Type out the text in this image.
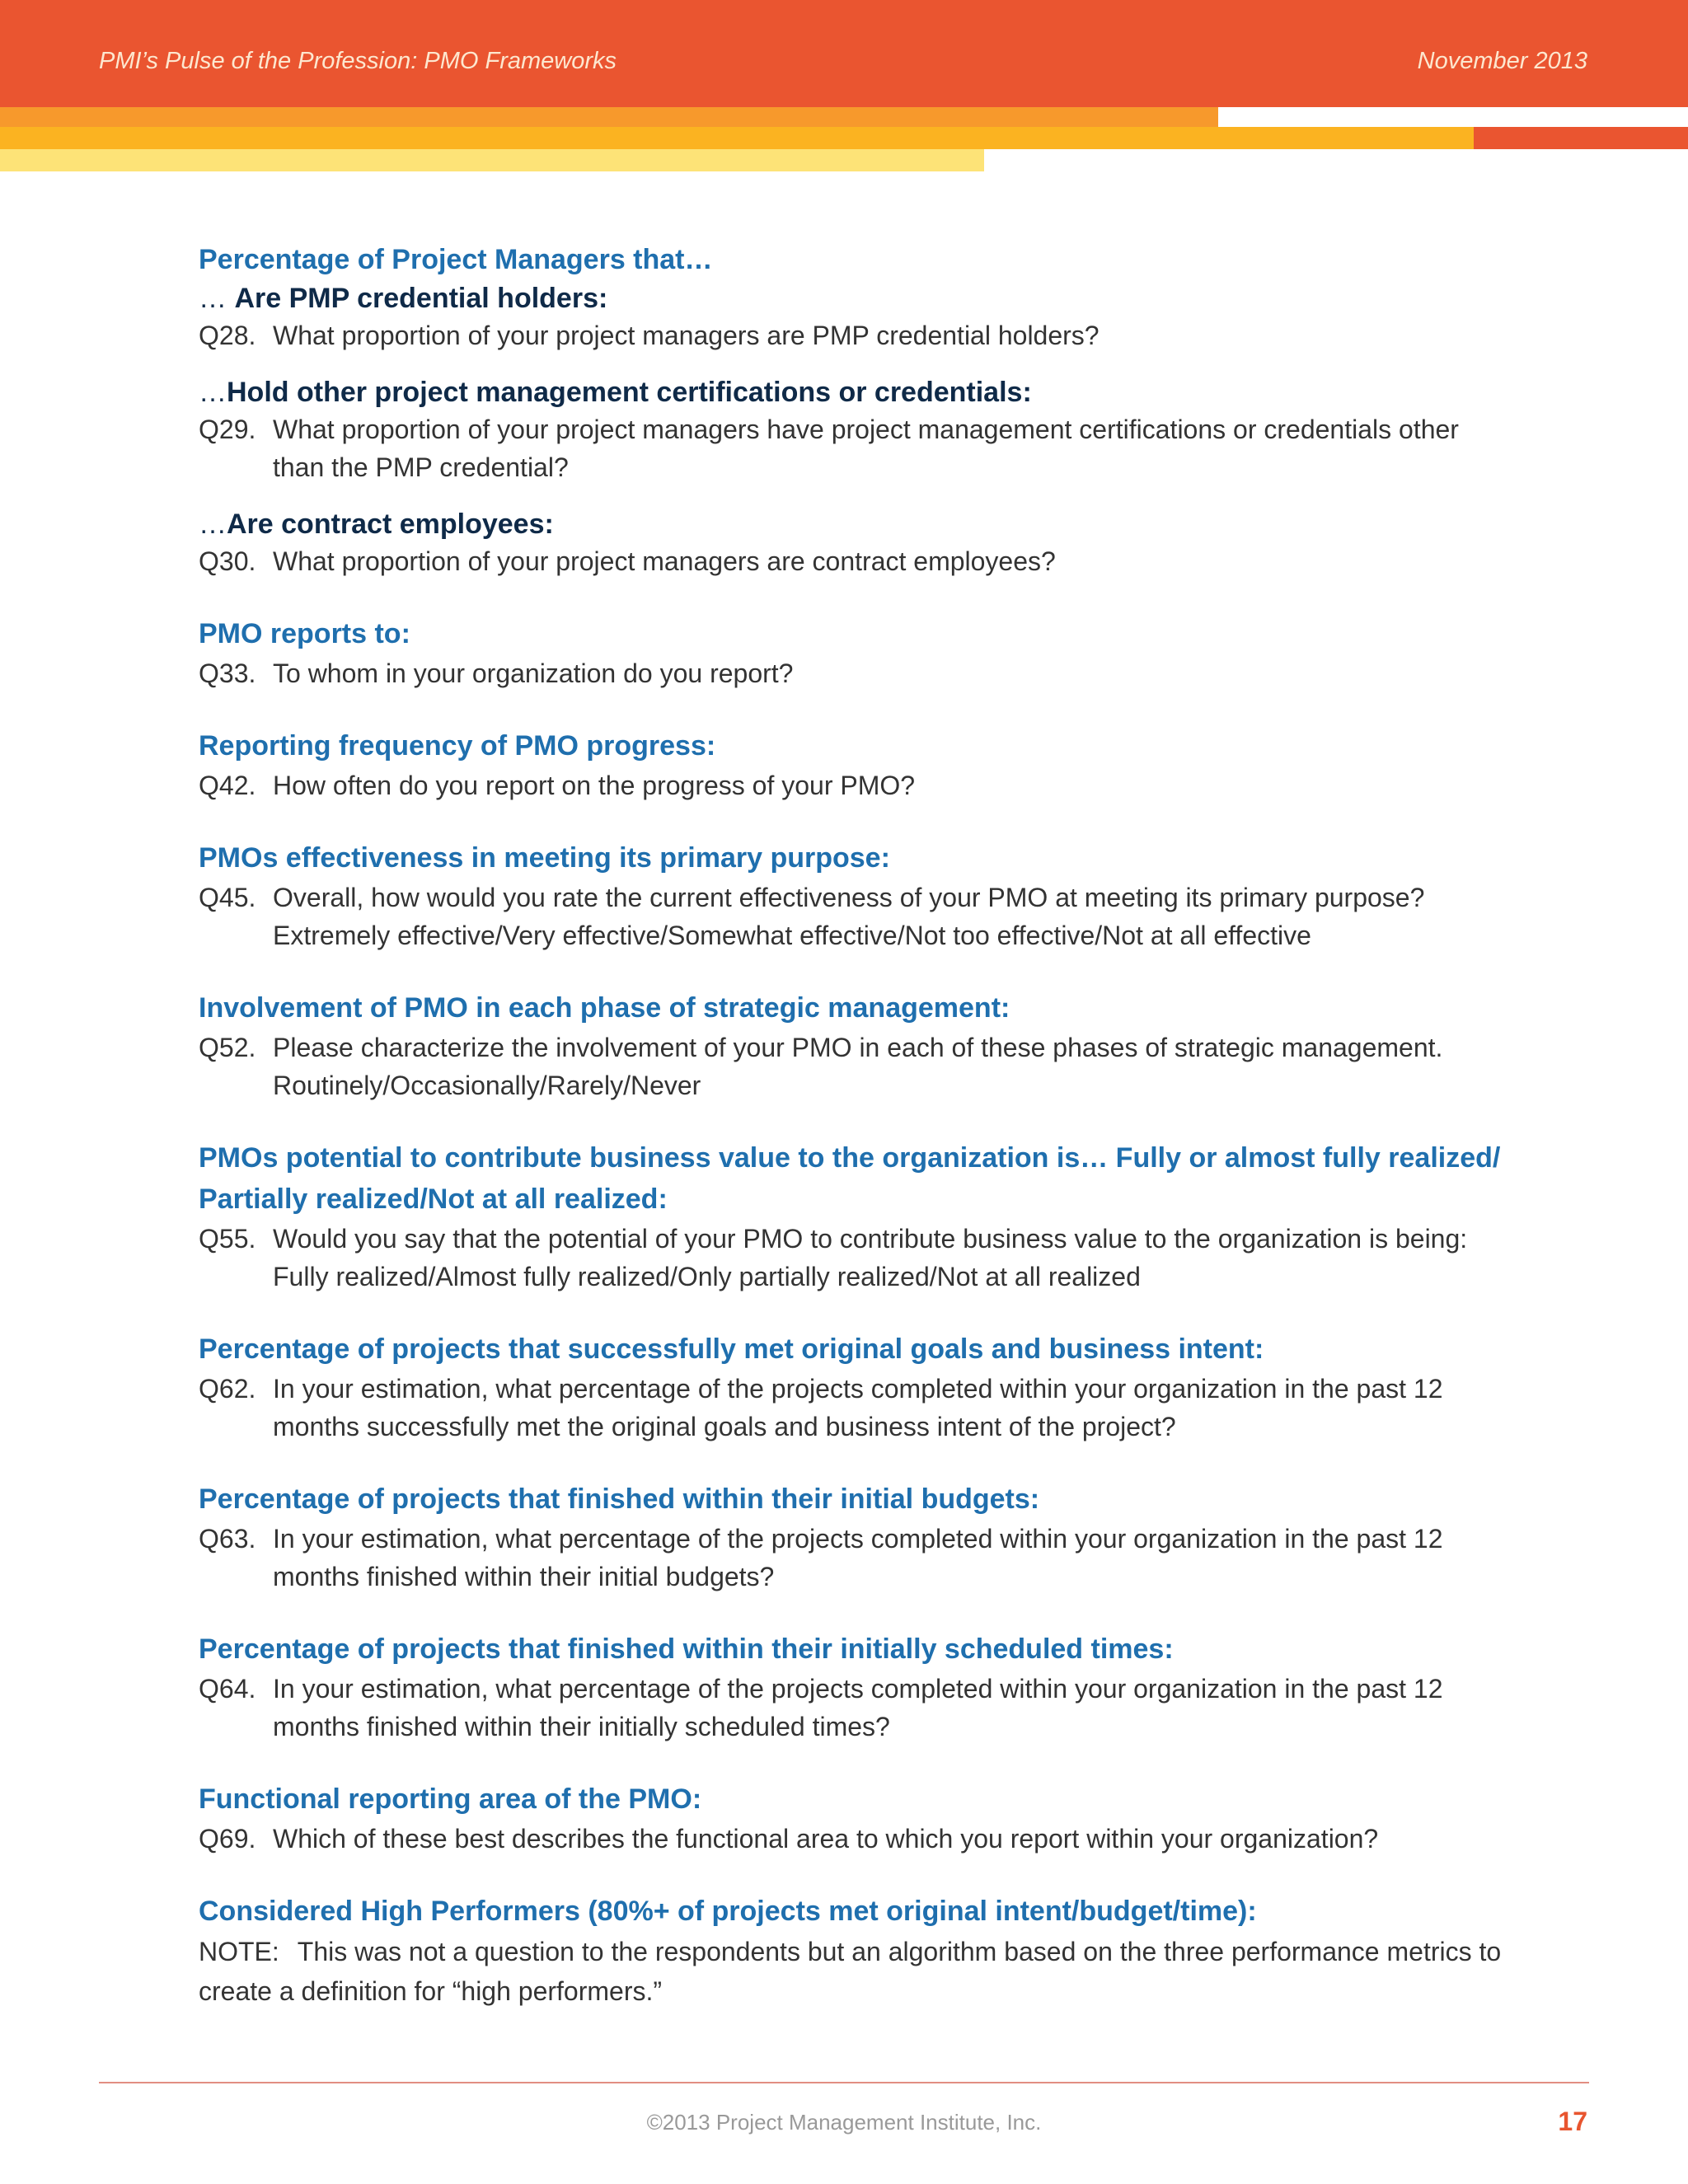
PMI’s Pulse of the Profession: PMO Frameworks	November 2013

Percentage of Project Managers that…

… Are PMP credential holders:

Q28. What proportion of your project managers are PMP credential holders?

…Hold other project management certifications or credentials:

Q29. What proportion of your project managers have project management certifications or credentials other than the PMP credential?

…Are contract employees:

Q30. What proportion of your project managers are contract employees?

PMO reports to:

Q33. To whom in your organization do you report?

Reporting frequency of PMO progress:

Q42. How often do you report on the progress of your PMO?

PMOs effectiveness in meeting its primary purpose:

Q45. Overall, how would you rate the current effectiveness of your PMO at meeting its primary purpose?
Extremely effective/Very effective/Somewhat effective/Not too effective/Not at all effective

Involvement of PMO in each phase of strategic management:

Q52. Please characterize the involvement of your PMO in each of these phases of strategic management.
Routinely/Occasionally/Rarely/Never

PMOs potential to contribute business value to the organization is… Fully or almost fully realized/ Partially realized/Not at all realized:

Q55. Would you say that the potential of your PMO to contribute business value to the organization is being:
Fully realized/Almost fully realized/Only partially realized/Not at all realized

Percentage of projects that successfully met original goals and business intent:

Q62. In your estimation, what percentage of the projects completed within your organization in the past 12 months successfully met the original goals and business intent of the project?

Percentage of projects that finished within their initial budgets:

Q63. In your estimation, what percentage of the projects completed within your organization in the past 12 months finished within their initial budgets?

Percentage of projects that finished within their initially scheduled times:

Q64. In your estimation, what percentage of the projects completed within your organization in the past 12 months finished within their initially scheduled times?

Functional reporting area of the PMO:

Q69. Which of these best describes the functional area to which you report within your organization?

Considered High Performers (80%+ of projects met original intent/budget/time):

NOTE: This was not a question to the respondents but an algorithm based on the three performance metrics to create a definition for “high performers.”

©2013 Project Management Institute, Inc.	17
